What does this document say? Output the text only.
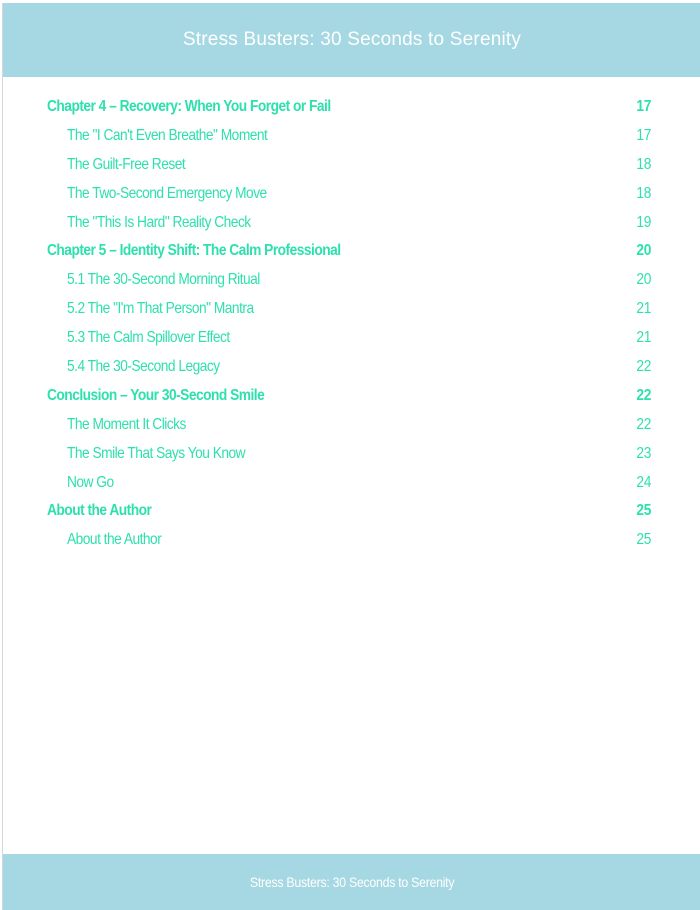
Stress Busters: 30 Seconds to Serenity
Chapter 4 – Recovery: When You Forget or Fail	17
The "I Can't Even Breathe" Moment	17
The Guilt-Free Reset	18
The Two-Second Emergency Move	18
The "This Is Hard" Reality Check	19
Chapter 5 – Identity Shift: The Calm Professional	20
5.1 The 30-Second Morning Ritual	20
5.2 The "I'm That Person" Mantra	21
5.3 The Calm Spillover Effect	21
5.4 The 30-Second Legacy	22
Conclusion – Your 30-Second Smile	22
The Moment It Clicks	22
The Smile That Says You Know	23
Now Go	24
About the Author	25
About the Author	25
Stress Busters: 30 Seconds to Serenity
